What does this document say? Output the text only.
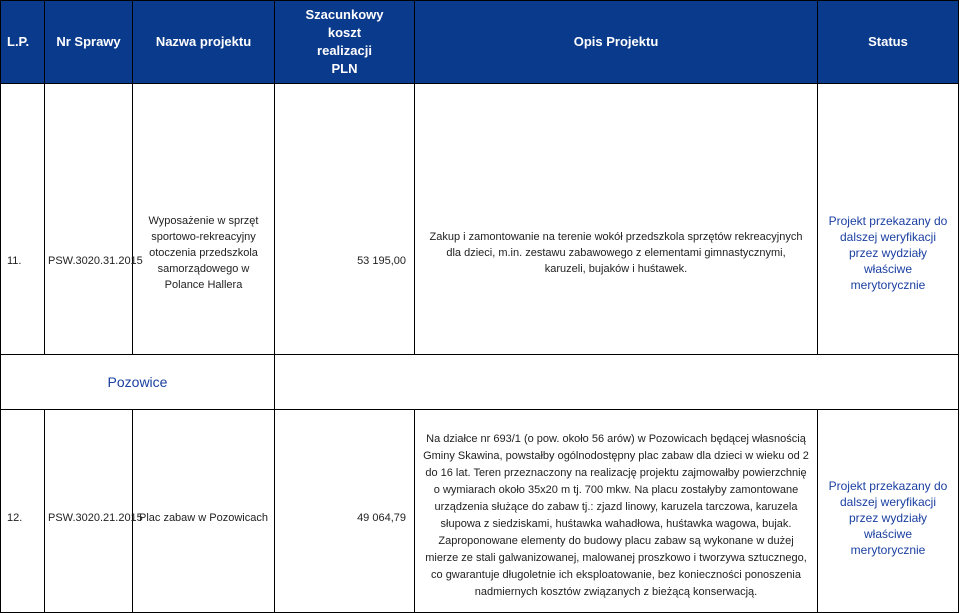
L.P.	Nr Sprawy	Nazwa projektu	Szacunkowy koszt realizacji PLN	Opis Projektu	Status
11.	PSW.3020.31.2015	Wyposażenie w sprzęt sportowo-rekreacyjny otoczenia przedszkola samorządowego w Polance Hallera	53 195,00	Zakup i zamontowanie na terenie wokół przedszkola sprzętów rekreacyjnych dla dzieci, m.in. zestawu zabawowego z elementami gimnastycznymi, karuzeli, bujaków i huśtawek.	Projekt przekazany do dalszej weryfikacji przez wydziały właściwe merytorycznie
Pozowice					
12.	PSW.3020.21.2015	Plac zabaw w Pozowicach	49 064,79	Na działce nr 693/1 (o pow. około 56 arów) w Pozowicach będącej własnością Gminy Skawina, powstałby ogólnodostępny plac zabaw dla dzieci w wieku od 2 do 16 lat. Teren przeznaczony na realizację projektu zajmowałby powierzchnię o wymiarach około 35x20 m tj. 700 mkw. Na placu zostałyby zamontowane urządzenia służące do zabaw tj.: zjazd linowy, karuzela tarczowa, karuzela słupowa z siedziskami, huśtawka wahadłowa, huśtawka wagowa, bujak. Zaproponowane elementy do budowy placu zabaw są wykonane w dużej mierze ze stali galwanizowanej, malowanej proszkowo i tworzywa sztucznego, co gwarantuje długoletnie ich eksploatowanie, bez konieczności ponoszenia nadmiernych kosztów związanych z bieżącą konserwacją.	Projekt przekazany do dalszej weryfikacji przez wydziały właściwe merytorycznie
